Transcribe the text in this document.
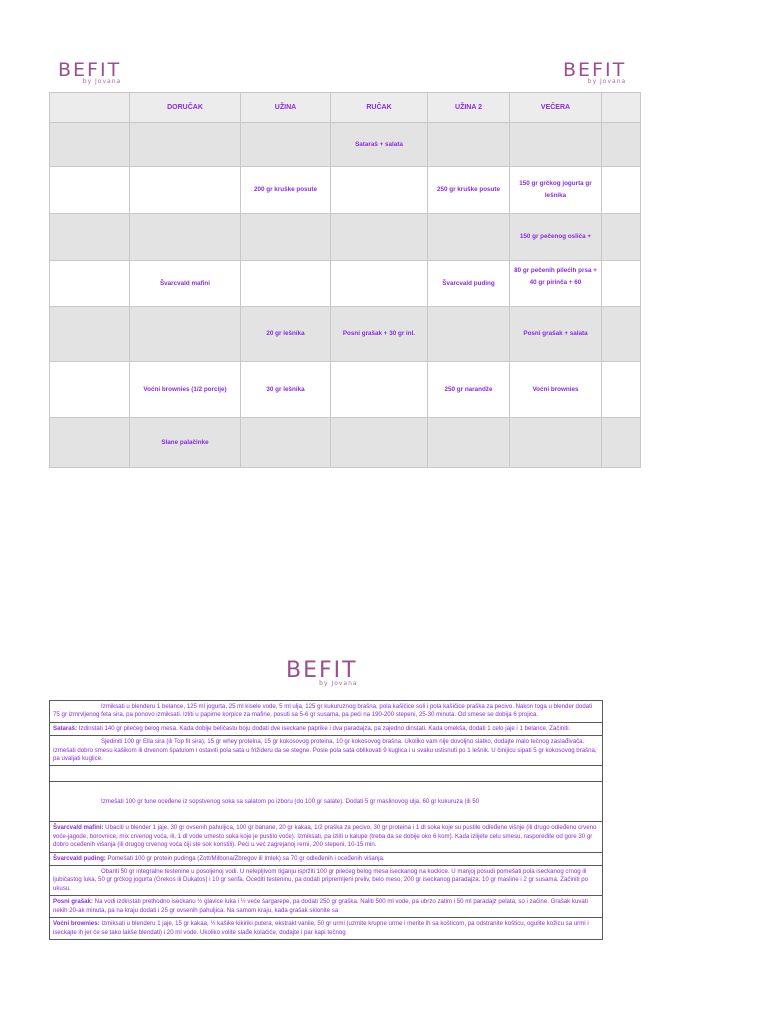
BEFIT
by Jovana
BEFIT
by Jovana
	DORUČAK	UŽINA	RUČAK	UŽINA 2	VEČERA	
			Sataraš + salata			
		200 gr kruške posute		250 gr kruške posute	150 gr grčkog jogurta gr lešnika	
					150 gr pečenog oslića +	
	Švarcvald mafini			Švarcvald puding	80 gr pečenih pilećih prsa + 40 gr pirinča + 60	
		20 gr lešnika	Posni grašak + 30 gr inl.		Posni grašak + salata	
	Voćni brownies (1/2 porcije)	30 gr lešnika		250 gr narandže	Voćni brownies	
	Slane palačinke					
BEFIT
by Jovana
Izmiksati u blenderu 1 belance, 125 ml jogurta, 25 ml kisele vode, 5 ml ulja, 125 gr kukuruznog brašna, pola kašičice soli i pola kašičice praška za pecivo. Nakon toga u blender dodati 75 gr izmrvljenog feta sira, pa ponovo izmiksati. Izliti u papirne korpice za mafine, posuti sa 5-6 gr susama, pa peći na 190-200 stepeni, 25-30 minuta. Od smese se dobija 6 projica.
Sataraš: Izdinstati 140 gr pilećeg belog mesa. Kada dobije beličastu boju dodati dve iseckane paprike i dva paradajza, pa zajedno dinstati. Kada omekša, dodati 1 celo jaje i 1 belance. Začiniti.
Sjediniti 100 gr Ella sira (ili Top fit sira), 15 gr whey proteina, 15 gr kokosovog proteina, 10 gr kokosovog brašna. Ukoliko vam nije dovoljno slatko, dodajte malo tečnog zaslađivača. Izmešati dobro smesu kašikom ili drvenom špatulom i ostaviti pola sata u frižideru da se stegne. Posle pola sata oblikovati 9 kuglica i u svaku ustisnuti po 1 lešnik. U činijicu sipati 5 gr kokosovog brašna, pa uvaljati kuglice.

Izmešati 100 gr tune oceđene iz sopstvenog soka sa salatom po izboru (do 100 gr salate). Dodati 5 gr maslinovog ulja, 60 gr kukuruza (ili 50
Švarcvald mafini: Ubaciti u blender 1 jaje, 30 gr ovsenih pahuljica, 100 gr banane, 20 gr kakaa, 1/2 praška za pecivo, 30 gr proteina i 1 dl soka koje su pustile odleđene višnje (ili drugo odleđeno crveno voće-jagode, borovnice, mix crvenog voća, ili, 1 dl vode umesto soka koje je pustilo voće). Izmiksati, pa izliti u kalupe (treba da se dobije oko 6 kom). Kada izlijete celu smesu, rasporedite od gore 30 gr dobro oceđenih višanja (ili drugog crvenog voća čiji ste sok koristili). Peći u već zagrejanoj rerni, 200 stepeni, 10-15 min.
Švarcvald puding: Pomešati 100 gr protein pudinga (Zott/Milbona/Zbregov ili Imlek) sa 70 gr odleđenih i oceđenih višanja.
Obariti 50 gr integralne testenine u posoljenoj vodi. U neleplјivom tiganju ispržiti 100 gr pilećeg belog mesa iseckanog na kockice. U manjoj posudi pomešati pola iseckanog crnog ili ljubičastog luka, 50 gr grčkog jogurta (Grekos ili Dukatos) i 10 gr senfa. Oceditі testeninu, pa dodati pripremljeni preliv, belo meso, 200 gr iseckanog paradajza, 10 gr masline i 2 gr susama. Začiniti po ukusu.
Posni grašak: Na vodi izdinstati prethodno iseckanu ½ glavice luka i ½ veće šargarepe, pa dodati 250 gr graška. Naliti 500 ml vode, pa ubrzo zatim i 50 ml paradajz pelata, so i začine. Grašak kuvati nekih 20-ak minuta, pa na kraju dodati i 25 gr ovsenih pahuljica. Na samom kraju, kada grašak sklonite sa
Voćni brownies: Izmiksati u blenderu 1 jaje, 15 gr kakaa, ½ kašike kikiriki putera, ekstrakt vanile, 50 gr urmi (uzmite krupne urme i merite ih sa košticom, pa odstranite košticu, ogulite kožicu sa urmi i iseckajte ih jer će se tako lakše blendati) i 20 ml vode. Ukoliko volite slađe kolačiće, dodajte i par kapi tečnog
